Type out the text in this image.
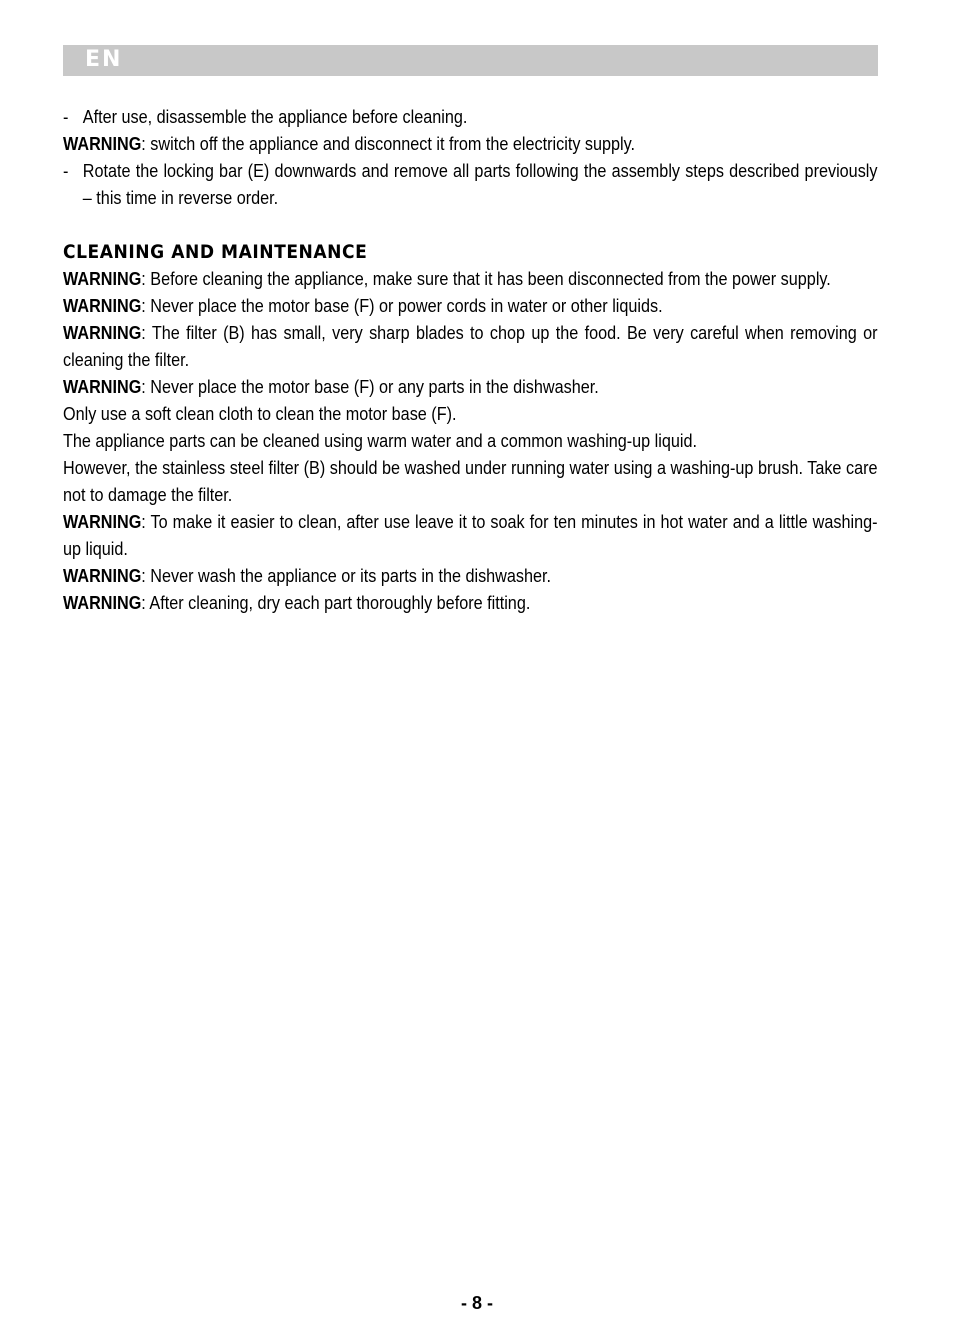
EN
- After use, disassemble the appliance before cleaning.

WARNING: switch off the appliance and disconnect it from the electricity supply.

- Rotate the locking bar (E) downwards and remove all parts following the assembly steps described previously – this time in reverse order.

CLEANING AND MAINTENANCE

WARNING: Before cleaning the appliance, make sure that it has been disconnected from the power supply.

WARNING: Never place the motor base (F) or power cords in water or other liquids.

WARNING: The filter (B) has small, very sharp blades to chop up the food. Be very careful when removing or cleaning the filter.

WARNING: Never place the motor base (F) or any parts in the dishwasher.

Only use a soft clean cloth to clean the motor base (F).

The appliance parts can be cleaned using warm water and a common washing-up liquid.

However, the stainless steel filter (B) should be washed under running water using a washing-up brush. Take care not to damage the filter.

WARNING: To make it easier to clean, after use leave it to soak for ten minutes in hot water and a little washing-up liquid.

WARNING: Never wash the appliance or its parts in the dishwasher.

WARNING: After cleaning, dry each part thoroughly before fitting.

- 8 -
